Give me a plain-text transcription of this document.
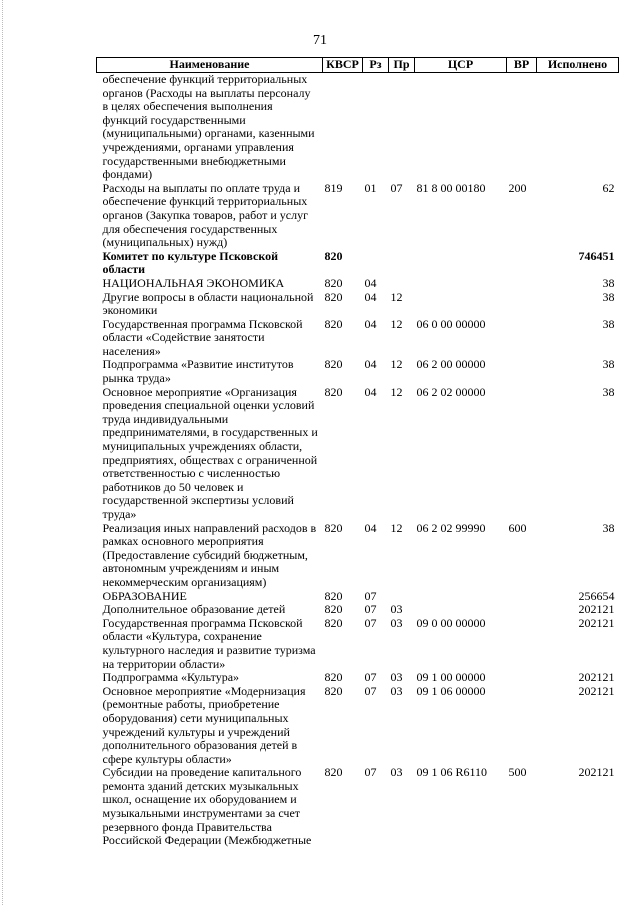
71
Наименование	КВСР	Рз	Пр	ЦСР	ВР	Исполнено
обеспечение функций территориальных органов (Расходы на выплаты персоналу в целях обеспечения выполнения функций государственными (муниципальными) органами, казенными учреждениями, органами управления государственными внебюджетными фондами)						
Расходы на выплаты по оплате труда и обеспечение функций территориальных органов (Закупка товаров, работ и услуг для обеспечения государственных (муниципальных) нужд)	819	01	07	81 8 00 00180	200	62
Комитет по культуре Псковской области	820					746451
НАЦИОНАЛЬНАЯ ЭКОНОМИКА	820	04				38
Другие вопросы в области национальной экономики	820	04	12			38
Государственная программа Псковской области «Содействие занятости населения»	820	04	12	06 0 00 00000		38
Подпрограмма «Развитие институтов рынка труда»	820	04	12	06 2 00 00000		38
Основное мероприятие «Организация проведения специальной оценки условий труда индивидуальными предпринимателями, в государственных и муниципальных учреждениях области, предприятиях, обществах с ограниченной ответственностью с численностью работников до 50 человек и государственной экспертизы условий труда»	820	04	12	06 2 02 00000		38
Реализация иных направлений расходов в рамках основного мероприятия (Предоставление субсидий бюджетным, автономным учреждениям и иным некоммерческим организациям)	820	04	12	06 2 02 99990	600	38
ОБРАЗОВАНИЕ	820	07				256654
Дополнительное образование детей	820	07	03			202121
Государственная программа Псковской области «Культура, сохранение культурного наследия и развитие туризма на территории области»	820	07	03	09 0 00 00000		202121
Подпрограмма «Культура»	820	07	03	09 1 00 00000		202121
Основное мероприятие «Модернизация (ремонтные работы, приобретение оборудования) сети муниципальных учреждений культуры и учреждений дополнительного образования детей в сфере культуры области»	820	07	03	09 1 06 00000		202121
Субсидии на проведение капитального ремонта зданий детских музыкальных школ, оснащение их оборудованием и музыкальными инструментами за счет резервного фонда Правительства Российской Федерации (Межбюджетные	820	07	03	09 1 06 R6110	500	202121
